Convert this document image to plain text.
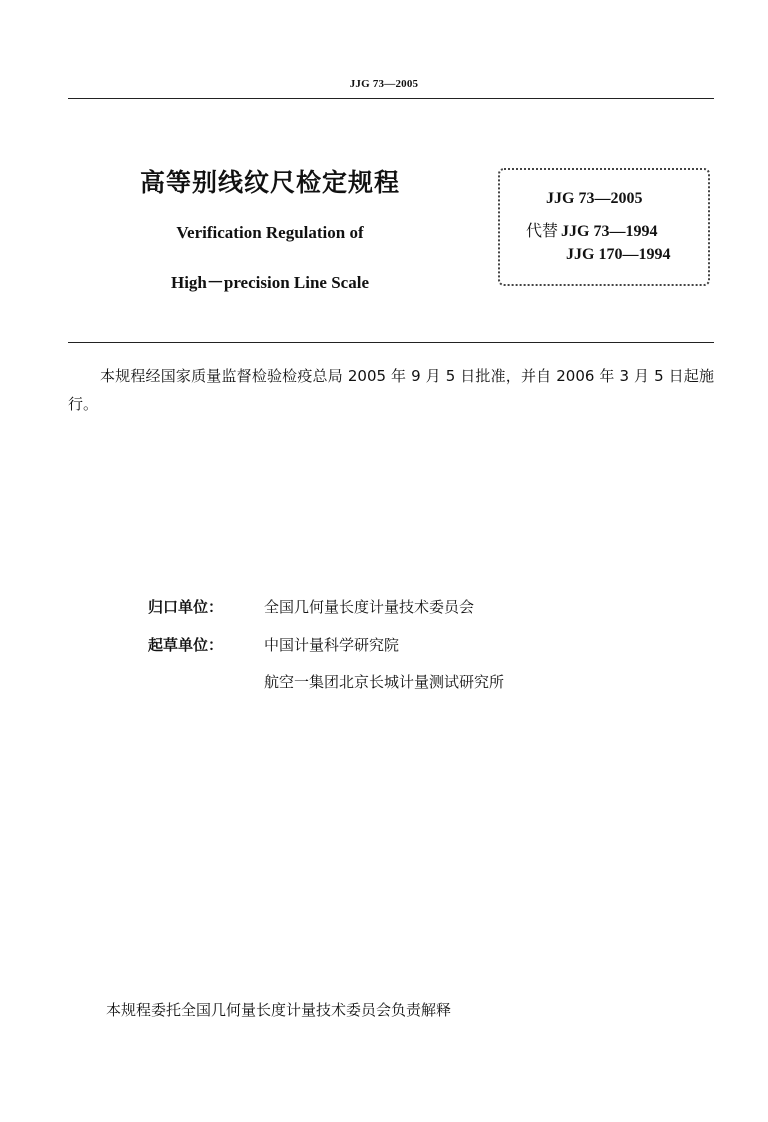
JJG 73—2005
高等别线纹尺检定规程
Verification Regulation of
High－precision Line Scale
JJG 73—2005
代替 JJG 73—1994
JJG 170—1994
本规程经国家质量监督检验检疫总局 2005 年 9 月 5 日批准，并自 2006 年 3 月 5 日起施行。
归口单位：	全国几何量长度计量技术委员会
起草单位：	中国计量科学研究院
航空一集团北京长城计量测试研究所
本规程委托全国几何量长度计量技术委员会负责解释
